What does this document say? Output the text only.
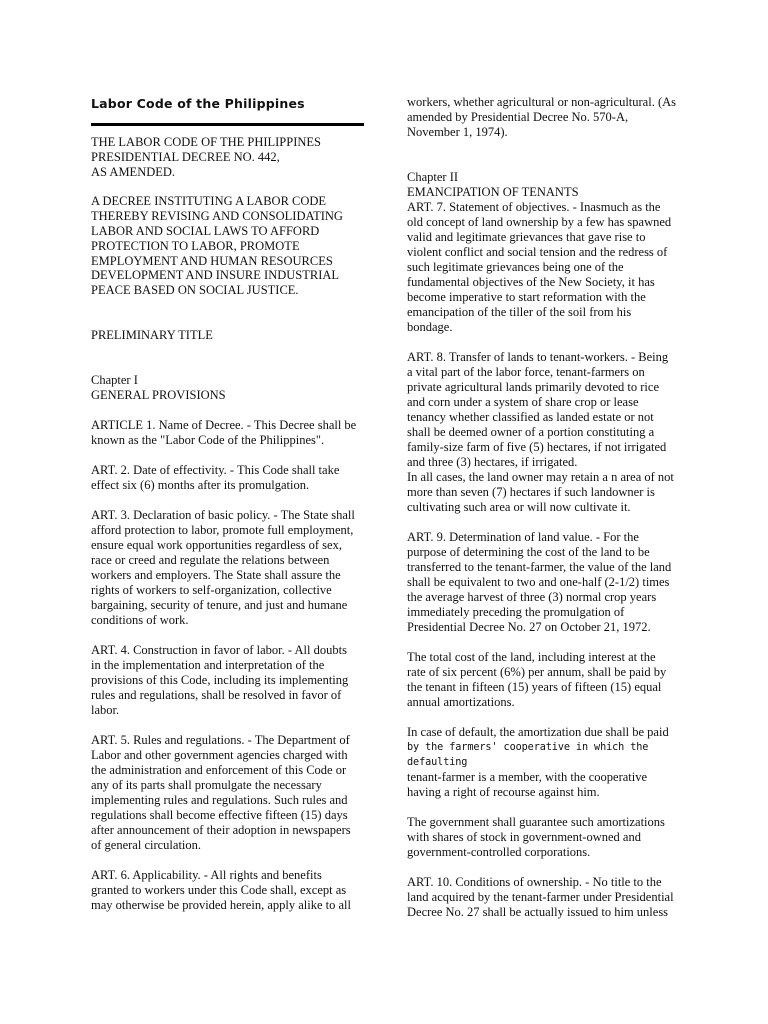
Labor Code of the Philippines
THE LABOR CODE OF THE PHILIPPINES
PRESIDENTIAL DECREE NO. 442,
AS AMENDED.
A DECREE INSTITUTING A LABOR CODE
THEREBY REVISING AND CONSOLIDATING
LABOR AND SOCIAL LAWS TO AFFORD
PROTECTION TO LABOR, PROMOTE
EMPLOYMENT AND HUMAN RESOURCES
DEVELOPMENT AND INSURE INDUSTRIAL
PEACE BASED ON SOCIAL JUSTICE.
PRELIMINARY TITLE
Chapter I
GENERAL PROVISIONS
ARTICLE 1. Name of Decree. - This Decree shall be
known as the "Labor Code of the Philippines".
ART. 2. Date of effectivity. - This Code shall take
effect six (6) months after its promulgation.
ART. 3. Declaration of basic policy. - The State shall
afford protection to labor, promote full employment,
ensure equal work opportunities regardless of sex,
race or creed and regulate the relations between
workers and employers. The State shall assure the
rights of workers to self-organization, collective
bargaining, security of tenure, and just and humane
conditions of work.
ART. 4. Construction in favor of labor. - All doubts
in the implementation and interpretation of the
provisions of this Code, including its implementing
rules and regulations, shall be resolved in favor of
labor.
ART. 5. Rules and regulations. - The Department of
Labor and other government agencies charged with
the administration and enforcement of this Code or
any of its parts shall promulgate the necessary
implementing rules and regulations. Such rules and
regulations shall become effective fifteen (15) days
after announcement of their adoption in newspapers
of general circulation.
ART. 6. Applicability. - All rights and benefits
granted to workers under this Code shall, except as
may otherwise be provided herein, apply alike to all
workers, whether agricultural or non-agricultural. (As
amended by Presidential Decree No. 570-A,
November 1, 1974).
Chapter II
EMANCIPATION OF TENANTS
ART. 7. Statement of objectives. - Inasmuch as the
old concept of land ownership by a few has spawned
valid and legitimate grievances that gave rise to
violent conflict and social tension and the redress of
such legitimate grievances being one of the
fundamental objectives of the New Society, it has
become imperative to start reformation with the
emancipation of the tiller of the soil from his
bondage.
ART. 8. Transfer of lands to tenant-workers. - Being
a vital part of the labor force, tenant-farmers on
private agricultural lands primarily devoted to rice
and corn under a system of share crop or lease
tenancy whether classified as landed estate or not
shall be deemed owner of a portion constituting a
family-size farm of five (5) hectares, if not irrigated
and three (3) hectares, if irrigated.
In all cases, the land owner may retain a n area of not
more than seven (7) hectares if such landowner is
cultivating such area or will now cultivate it.
ART. 9. Determination of land value. - For the
purpose of determining the cost of the land to be
transferred to the tenant-farmer, the value of the land
shall be equivalent to two and one-half (2-1/2) times
the average harvest of three (3) normal crop years
immediately preceding the promulgation of
Presidential Decree No. 27 on October 21, 1972.
The total cost of the land, including interest at the
rate of six percent (6%) per annum, shall be paid by
the tenant in fifteen (15) years of fifteen (15) equal
annual amortizations.
In case of default, the amortization due shall be paid
by the farmers' cooperative in which the defaulting
tenant-farmer is a member, with the cooperative
having a right of recourse against him.
The government shall guarantee such amortizations
with shares of stock in government-owned and
government-controlled corporations.
ART. 10. Conditions of ownership. - No title to the
land acquired by the tenant-farmer under Presidential
Decree No. 27 shall be actually issued to him unless
